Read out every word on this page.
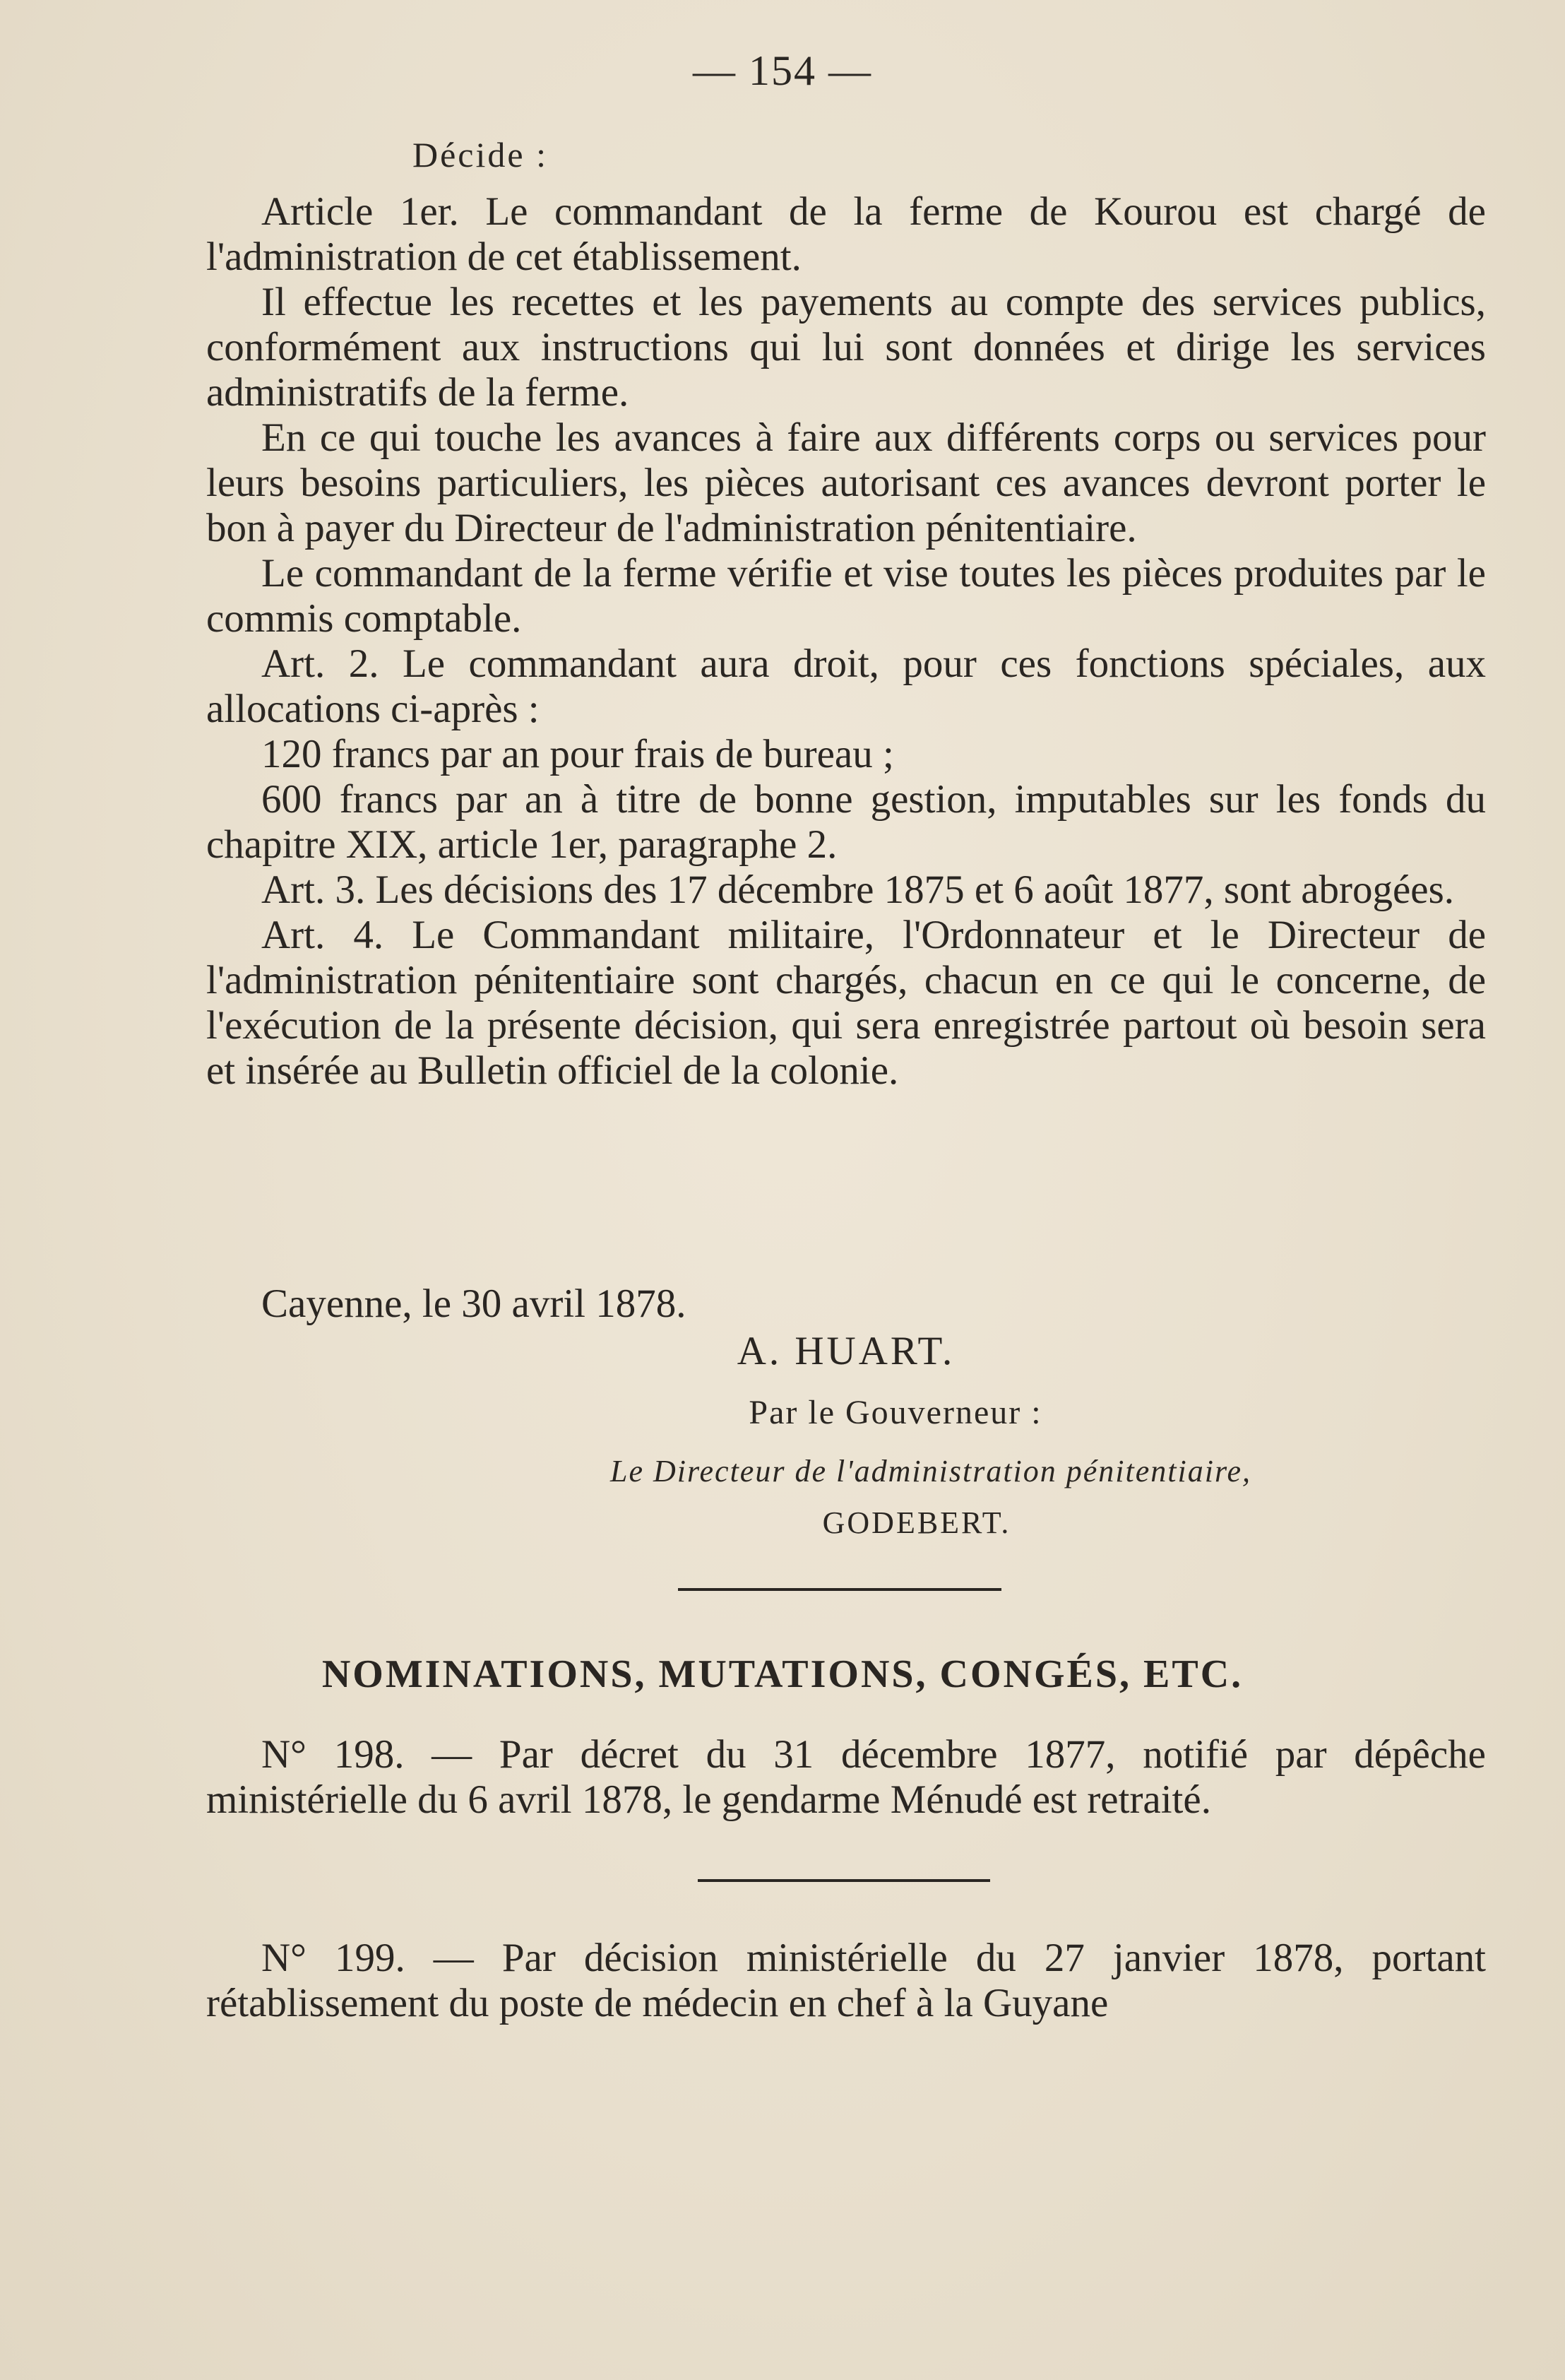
— 154 —
Décide :

Article 1er. Le commandant de la ferme de Kourou est chargé de l'administration de cet établissement.

Il effectue les recettes et les payements au compte des services publics, conformément aux instructions qui lui sont données et dirige les services administratifs de la ferme.

En ce qui touche les avances à faire aux différents corps ou services pour leurs besoins particuliers, les pièces autorisant ces avances devront porter le bon à payer du Directeur de l'administration pénitentiaire.

Le commandant de la ferme vérifie et vise toutes les pièces produites par le commis comptable.

Art. 2. Le commandant aura droit, pour ces fonctions spéciales, aux allocations ci-après :

120 francs par an pour frais de bureau ;

600 francs par an à titre de bonne gestion, imputables sur les fonds du chapitre XIX, article 1er, paragraphe 2.

Art. 3. Les décisions des 17 décembre 1875 et 6 août 1877, sont abrogées.

Art. 4. Le Commandant militaire, l'Ordonnateur et le Directeur de l'administration pénitentiaire sont chargés, chacun en ce qui le concerne, de l'exécution de la présente décision, qui sera enregistrée partout où besoin sera et insérée au Bulletin officiel de la colonie.

Cayenne, le 30 avril 1878.
A. HUART.
Par le Gouverneur :
Le Directeur de l'administration pénitentiaire,
GODEBERT.
NOMINATIONS, MUTATIONS, CONGÉS, ETC.

N° 198. — Par décret du 31 décembre 1877, notifié par dépêche ministérielle du 6 avril 1878, le gendarme Ménudé est retraité.

N° 199. — Par décision ministérielle du 27 janvier 1878, portant rétablissement du poste de médecin en chef à la Guyane
